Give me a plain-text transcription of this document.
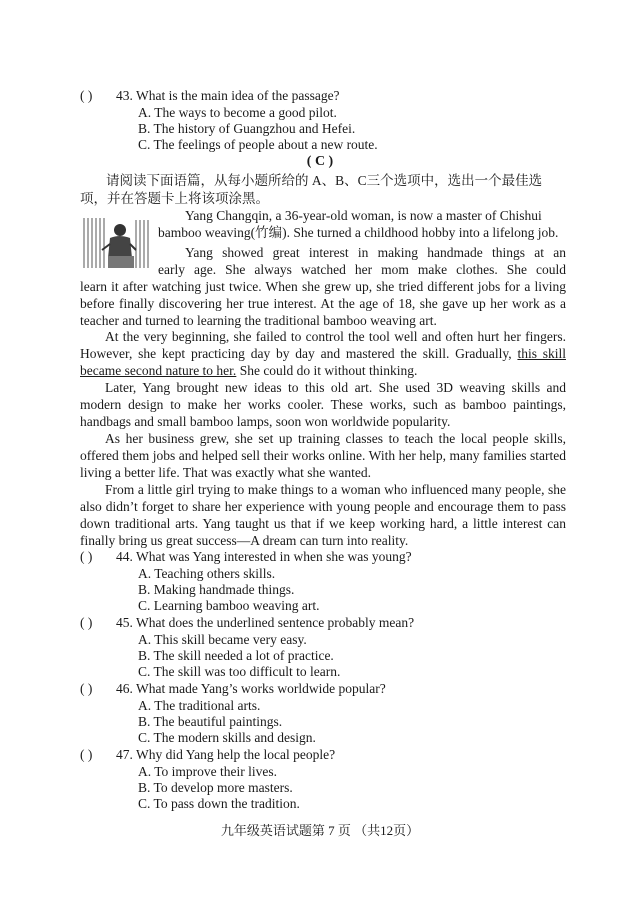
( ) 43. What is the main idea of the passage?
A. The ways to become a good pilot.
B. The history of Guangzhou and Hefei.
C. The feelings of people about a new route.
( C )
请阅读下面语篇，从每小题所给的 A、B、C三个选项中，选出一个最佳选项，并在答题卡上将该项涂黑。
Yang Changqin, a 36-year-old woman, is now a master of Chishui
bamboo weaving(竹编). She turned a childhood hobby into a lifelong job.
Yang showed great interest in making handmade things at an
early age. She always watched her mom make clothes. She could
learn it after watching just twice. When she grew up, she tried different jobs for a living before finally discovering her true interest. At the age of 18, she gave up her work as a teacher and turned to learning the traditional bamboo weaving art.
At the very beginning, she failed to control the tool well and often hurt her fingers. However, she kept practicing day by day and mastered the skill. Gradually, this skill became second nature to her. She could do it without thinking.
Later, Yang brought new ideas to this old art. She used 3D weaving skills and modern design to make her works cooler. These works, such as bamboo paintings, handbags and small bamboo lamps, soon won worldwide popularity.
As her business grew, she set up training classes to teach the local people skills, offered them jobs and helped sell their works online. With her help, many families started living a better life. That was exactly what she wanted.
From a little girl trying to make things to a woman who influenced many people, she also didn’t forget to share her experience with young people and encourage them to pass down traditional arts. Yang taught us that if we keep working hard, a little interest can finally bring us great success—A dream can turn into reality.
( ) 44. What was Yang interested in when she was young?
A. Teaching others skills.
B. Making handmade things.
C. Learning bamboo weaving art.
( ) 45. What does the underlined sentence probably mean?
A. This skill became very easy.
B. The skill needed a lot of practice.
C. The skill was too difficult to learn.
( ) 46. What made Yang’s works worldwide popular?
A. The traditional arts.
B. The beautiful paintings.
C. The modern skills and design.
( ) 47. Why did Yang help the local people?
A. To improve their lives.
B. To develop more masters.
C. To pass down the tradition.
九年级英语试题第 7 页 （共12页）
